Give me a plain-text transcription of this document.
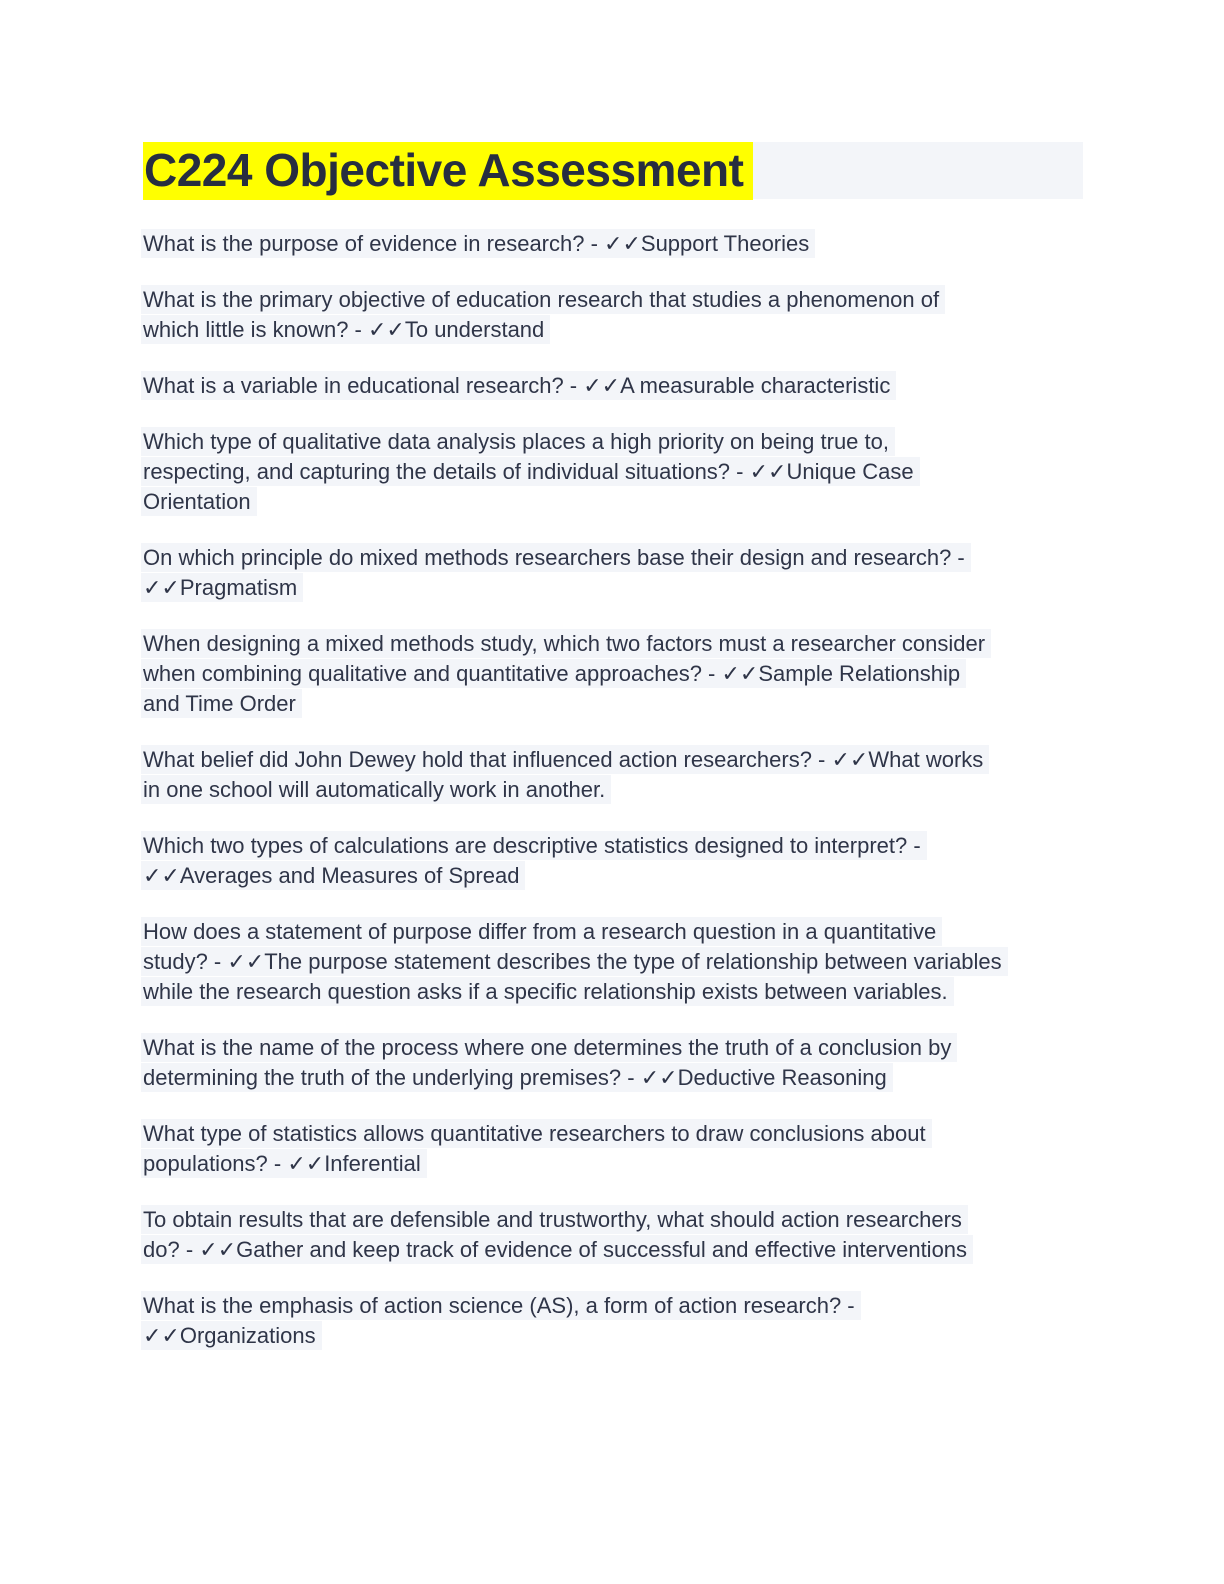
C224 Objective Assessment

What is the purpose of evidence in research? - ✓✓Support Theories

What is the primary objective of education research that studies a phenomenon of
which little is known? - ✓✓To understand

What is a variable in educational research? - ✓✓A measurable characteristic

Which type of qualitative data analysis places a high priority on being true to,
respecting, and capturing the details of individual situations? - ✓✓Unique Case
Orientation

On which principle do mixed methods researchers base their design and research? -
✓✓Pragmatism

When designing a mixed methods study, which two factors must a researcher consider
when combining qualitative and quantitative approaches? - ✓✓Sample Relationship
and Time Order

What belief did John Dewey hold that influenced action researchers? - ✓✓What works
in one school will automatically work in another.

Which two types of calculations are descriptive statistics designed to interpret? -
✓✓Averages and Measures of Spread

How does a statement of purpose differ from a research question in a quantitative
study? - ✓✓The purpose statement describes the type of relationship between variables
while the research question asks if a specific relationship exists between variables.

What is the name of the process where one determines the truth of a conclusion by
determining the truth of the underlying premises? - ✓✓Deductive Reasoning

What type of statistics allows quantitative researchers to draw conclusions about
populations? - ✓✓Inferential

To obtain results that are defensible and trustworthy, what should action researchers
do? - ✓✓Gather and keep track of evidence of successful and effective interventions

What is the emphasis of action science (AS), a form of action research? -
✓✓Organizations
